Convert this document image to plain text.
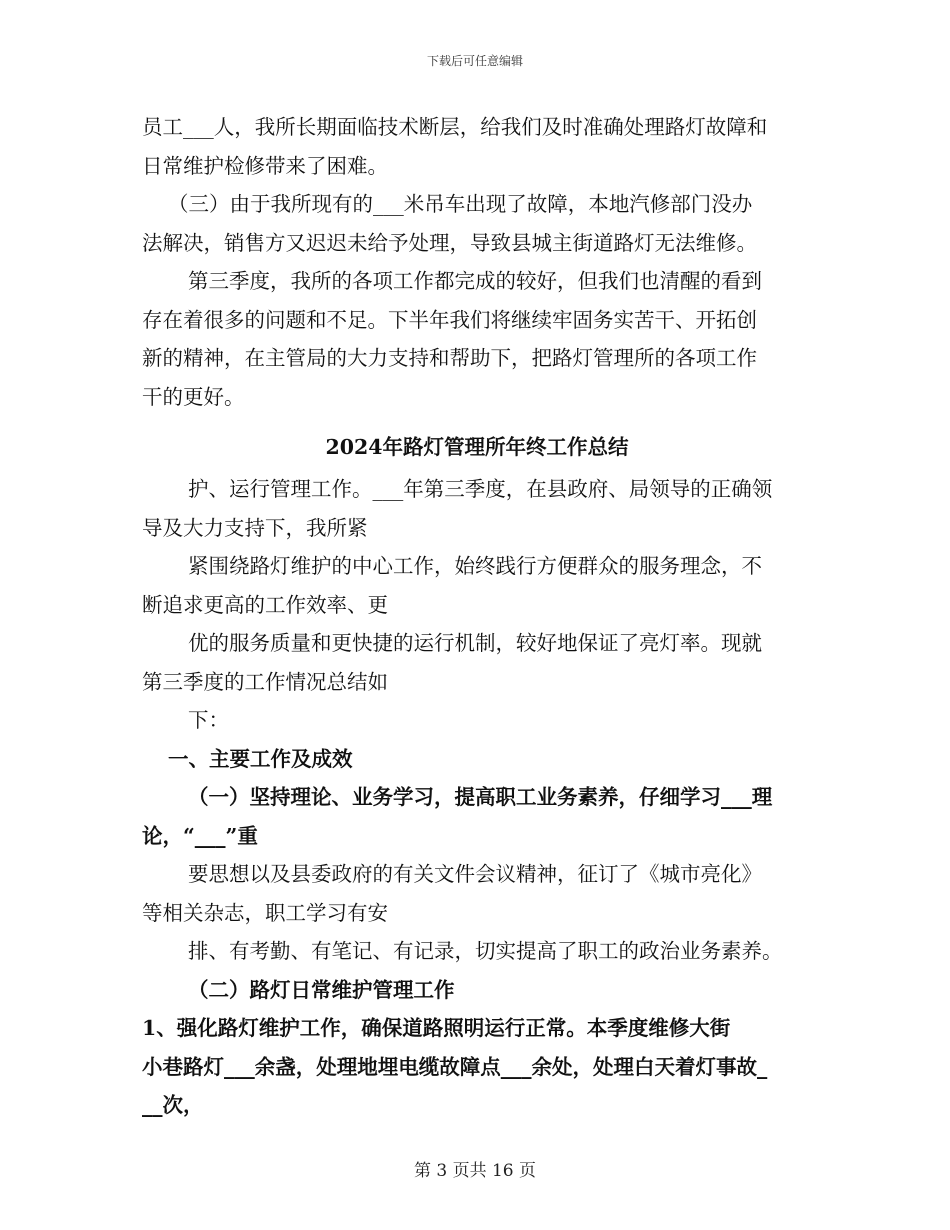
下载后可任意编辑
员工___人，我所长期面临技术断层，给我们及时准确处理路灯故障和
日常维护检修带来了困难。
（三）由于我所现有的___米吊车出现了故障，本地汽修部门没办
法解决，销售方又迟迟未给予处理，导致县城主街道路灯无法维修。
第三季度，我所的各项工作都完成的较好，但我们也清醒的看到
存在着很多的问题和不足。下半年我们将继续牢固务实苦干、开拓创
新的精神，在主管局的大力支持和帮助下，把路灯管理所的各项工作
干的更好。
2024年路灯管理所年终工作总结
护、运行管理工作。___年第三季度，在县政府、局领导的正确领
导及大力支持下，我所紧
紧围绕路灯维护的中心工作，始终践行方便群众的服务理念，不
断追求更高的工作效率、更
优的服务质量和更快捷的运行机制，较好地保证了亮灯率。现就
第三季度的工作情况总结如
下：
一、主要工作及成效
（一）坚持理论、业务学习，提高职工业务素养，仔细学习___理
论，“___”重
要思想以及县委政府的有关文件会议精神，征订了《城市亮化》
等相关杂志，职工学习有安
排、有考勤、有笔记、有记录，切实提高了职工的政治业务素养。
（二）路灯日常维护管理工作
1、强化路灯维护工作，确保道路照明运行正常。本季度维修大街
小巷路灯___余盏，处理地埋电缆故障点___余处，处理白天着灯事故_
__次，
第 3 页共 16 页
